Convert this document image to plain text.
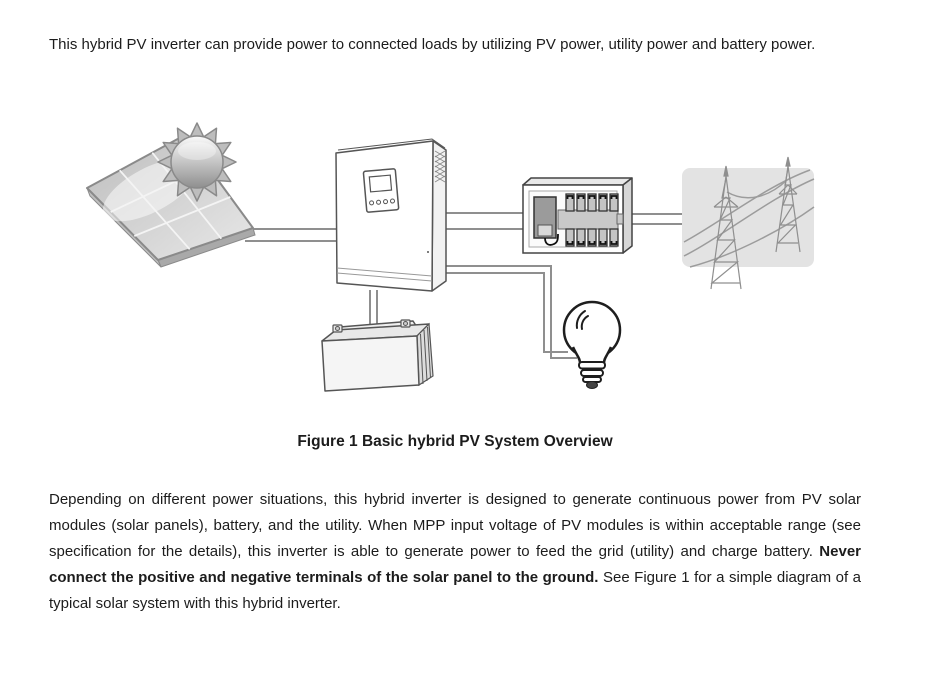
This hybrid PV inverter can provide power to connected loads by utilizing PV power, utility power and battery power.

Figure 1 Basic hybrid PV System Overview

Depending on different power situations, this hybrid inverter is designed to generate continuous power from PV solar modules (solar panels), battery, and the utility. When MPP input voltage of PV modules is within acceptable range (see specification for the details), this inverter is able to generate power to feed the grid (utility) and charge battery. Never connect the positive and negative terminals of the solar panel to the ground. See Figure 1 for a simple diagram of a typical solar system with this hybrid inverter.
